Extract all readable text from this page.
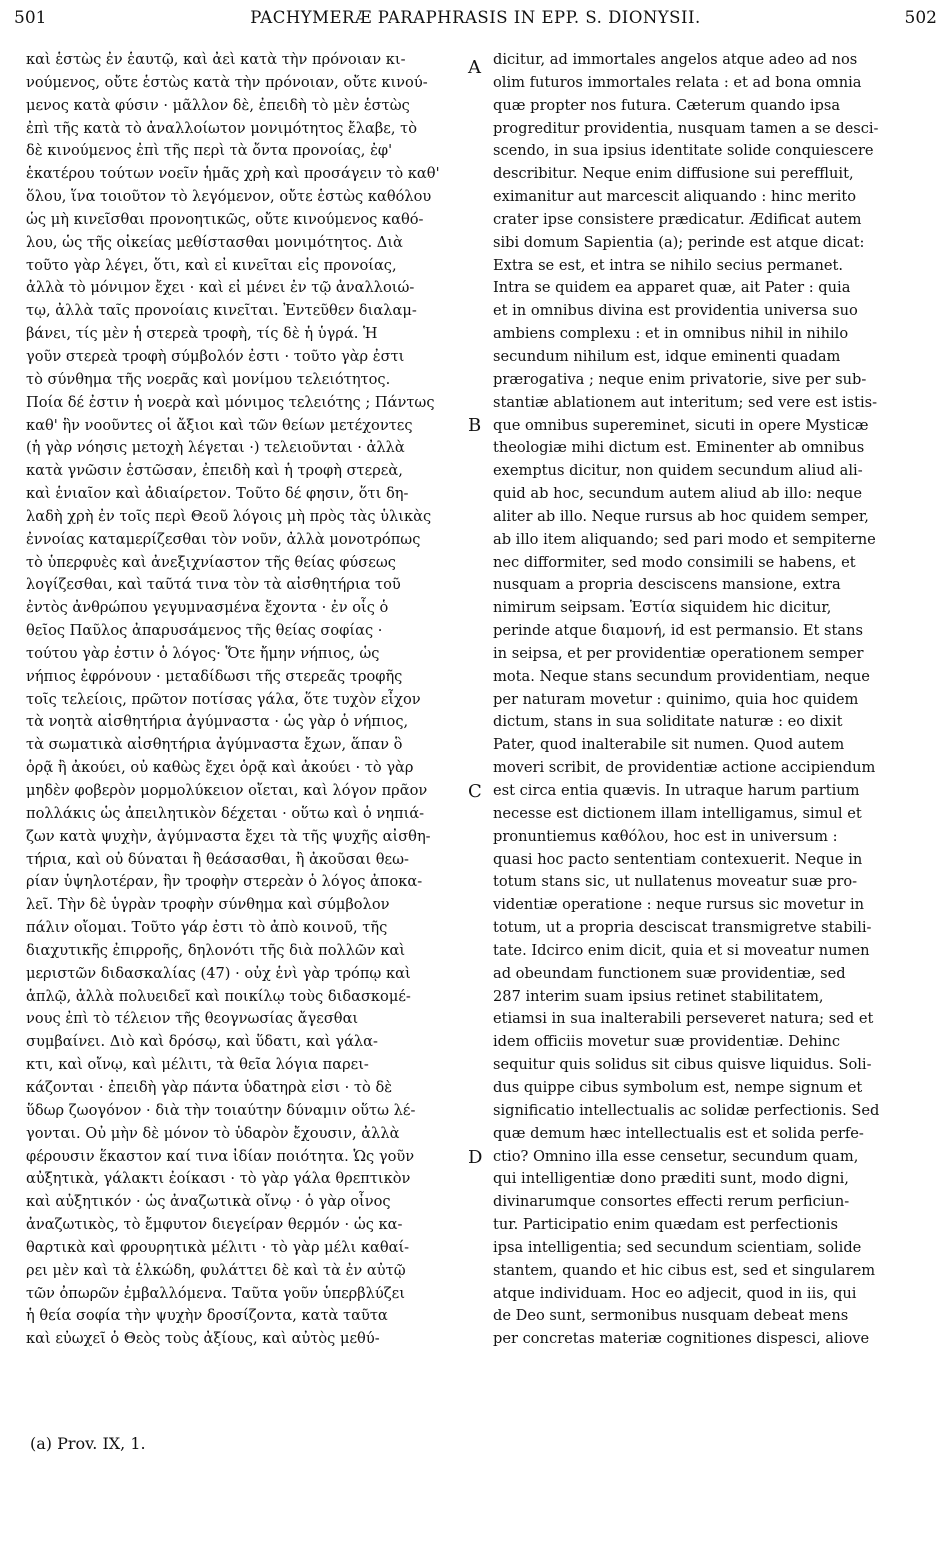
501	PACHYMERÆ PARAPHRASIS IN EPP. S. DIONYSII.	502
καὶ ἑστὼς ἐν ἑαυτῷ, καὶ ἀεὶ κατὰ τὴν πρόνοιαν κι-
νούμενος, οὔτε ἑστὼς κατὰ τὴν πρόνοιαν, οὔτε κινού-
μενος κατὰ φύσιν · μᾶλλον δὲ, ἐπειδὴ τὸ μὲν ἑστὼς
ἐπὶ τῆς κατὰ τὸ ἀναλλοίωτον μονιμότητος ἔλαβε, τὸ
δὲ κινούμενος ἐπὶ τῆς περὶ τὰ ὄντα προνοίας, ἐφ'
ἑκατέρου τούτων νοεῖν ἡμᾶς χρὴ καὶ προσάγειν τὸ καθ'
ὅλου, ἵνα τοιοῦτον τὸ λεγόμενον, οὔτε ἑστὼς καθόλου
ὡς μὴ κινεῖσθαι προνοητικῶς, οὔτε κινούμενος καθό-
λου, ὡς τῆς οἰκείας μεθίστασθαι μονιμότητος. Διὰ
τοῦτο γὰρ λέγει, ὅτι, καὶ εἰ κινεῖται εἰς προνοίας,
ἀλλὰ τὸ μόνιμον ἔχει · καὶ εἰ μένει ἐν τῷ ἀναλλοιώ-
τῳ, ἀλλὰ ταῖς προνοίαις κινεῖται. Ἐντεῦθεν διαλαμ-
βάνει, τίς μὲν ἡ στερεὰ τροφὴ, τίς δὲ ἡ ὑγρά. Ἡ
γοῦν στερεὰ τροφὴ σύμβολόν ἐστι · τοῦτο γὰρ ἐστι
τὸ σύνθημα τῆς νοερᾶς καὶ μονίμου τελειότητος.
Ποία δέ ἐστιν ἡ νοερὰ καὶ μόνιμος τελειότης ; Πάντως
καθ' ἣν νοοῦντες οἱ ἄξιοι καὶ τῶν θείων μετέχοντες
(ἡ γὰρ νόησις μετοχὴ λέγεται ·) τελειοῦνται · ἀλλὰ
κατὰ γνῶσιν ἑστῶσαν, ἐπειδὴ καὶ ἡ τροφὴ στερεὰ,
καὶ ἑνιαῖον καὶ ἀδιαίρετον. Τοῦτο δέ φησιν, ὅτι δη-
λαδὴ χρὴ ἐν τοῖς περὶ Θεοῦ λόγοις μὴ πρὸς τὰς ὑλικὰς
ἐννοίας καταμερίζεσθαι τὸν νοῦν, ἀλλὰ μονοτρόπως
τὸ ὑπερφυὲς καὶ ἀνεξιχνίαστον τῆς θείας φύσεως
λογίζεσθαι, καὶ ταῦτά τινα τὸν τὰ αἰσθητήρια τοῦ
ἐντὸς ἀνθρώπου γεγυμνασμένα ἔχοντα · ἐν οἷς ὁ
θεῖος Παῦλος ἀπαρυσάμενος τῆς θείας σοφίας ·
τούτου γὰρ ἐστιν ὁ λόγος· Ὅτε ἤμην νήπιος, ὡς
νήπιος ἐφρόνουν · μεταδίδωσι τῆς στερεᾶς τροφῆς
τοῖς τελείοις, πρῶτον ποτίσας γάλα, ὅτε τυχὸν εἶχον
τὰ νοητὰ αἰσθητήρια ἀγύμναστα · ὡς γὰρ ὁ νήπιος,
τὰ σωματικὰ αἰσθητήρια ἀγύμναστα ἔχων, ἅπαν ὃ
ὁρᾷ ἢ ἀκούει, οὐ καθὼς ἔχει ὁρᾷ καὶ ἀκούει · τὸ γὰρ
μηδὲν φοβερὸν μορμολύκειον οἴεται, καὶ λόγον πρᾶον
πολλάκις ὡς ἀπειλητικὸν δέχεται · οὕτω καὶ ὁ νηπιά-
ζων κατὰ ψυχὴν, ἀγύμναστα ἔχει τὰ τῆς ψυχῆς αἰσθη-
τήρια, καὶ οὐ δύναται ἢ θεάσασθαι, ἢ ἀκοῦσαι θεω-
ρίαν ὑψηλοτέραν, ἣν τροφὴν στερεὰν ὁ λόγος ἀποκα-
λεῖ. Τὴν δὲ ὑγρὰν τροφὴν σύνθημα καὶ σύμβολον
πάλιν οἴομαι. Τοῦτο γάρ ἐστι τὸ ἀπὸ κοινοῦ, τῆς
διαχυτικῆς ἐπιρροῆς, δηλονότι τῆς διὰ πολλῶν καὶ
μεριστῶν διδασκαλίας (47) · οὐχ ἑνὶ γὰρ τρόπῳ καὶ
ἁπλῷ, ἀλλὰ πολυειδεῖ καὶ ποικίλῳ τοὺς διδασκομέ-
νους ἐπὶ τὸ τέλειον τῆς θεογνωσίας ἄγεσθαι
συμβαίνει. Διὸ καὶ δρόσῳ, καὶ ὕδατι, καὶ γάλα-
κτι, καὶ οἴνῳ, καὶ μέλιτι, τὰ θεῖα λόγια παρει-
κάζονται · ἐπειδὴ γὰρ πάντα ὑδατηρὰ εἰσι · τὸ δὲ
ὕδωρ ζωογόνον · διὰ τὴν τοιαύτην δύναμιν οὕτω λέ-
γονται. Οὐ μὴν δὲ μόνον τὸ ὑδαρὸν ἔχουσιν, ἀλλὰ
φέρουσιν ἕκαστον καί τινα ἰδίαν ποιότητα. Ὡς γοῦν
αὐξητικὰ, γάλακτι ἐοίκασι · τὸ γὰρ γάλα θρεπτικὸν
καὶ αὐξητικόν · ὡς ἀναζωτικὰ οἴνῳ · ὁ γὰρ οἶνος
ἀναζωτικὸς, τὸ ἔμφυτον διεγείραν θερμόν · ὡς κα-
θαρτικὰ καὶ φρουρητικὰ μέλιτι · τὸ γὰρ μέλι καθαί-
ρει μὲν καὶ τὰ ἑλκώδη, φυλάττει δὲ καὶ τὰ ἐν αὐτῷ
τῶν ὀπωρῶν ἐμβαλλόμενα. Ταῦτα γοῦν ὑπερβλύζει
ἡ θεία σοφία τὴν ψυχὴν δροσίζοντα, κατὰ ταῦτα
καὶ εὐωχεῖ ὁ Θεὸς τοὺς ἀξίους, καὶ αὐτὸς μεθύ-
A
B
C
D
dicitur, ad immortales angelos atque adeo ad nos
olim futuros immortales relata : et ad bona omnia
quæ propter nos futura. Cæterum quando ipsa
progreditur providentia, nusquam tamen a se desci-
scendo, in sua ipsius identitate solide conquiescere
describitur. Neque enim diffusione sui pereffluit,
eximanitur aut marcescit aliquando : hinc merito
crater ipse consistere prædicatur. Ædificat autem
sibi domum Sapientia (a); perinde est atque dicat:
Extra se est, et intra se nihilo secius permanet.
Intra se quidem ea apparet quæ, ait Pater : quia
et in omnibus divina est providentia universa suo
ambiens complexu : et in omnibus nihil in nihilo
secundum nihilum est, idque eminenti quadam
prærogativa ; neque enim privatorie, sive per sub-
stantiæ ablationem aut interitum; sed vere est istis-
que omnibus supereminet, sicuti in opere Mysticæ
theologiæ mihi dictum est. Eminenter ab omnibus
exemptus dicitur, non quidem secundum aliud ali-
quid ab hoc, secundum autem aliud ab illo: neque
aliter ab illo. Neque rursus ab hoc quidem semper,
ab illo item aliquando; sed pari modo et sempiterne
nec difformiter, sed modo consimili se habens, et
nusquam a propria desciscens mansione, extra
nimirum seipsam. Ἑστία siquidem hic dicitur,
perinde atque διαμονή, id est permansio. Et stans
in seipsa, et per providentiæ operationem semper
mota. Neque stans secundum providentiam, neque
per naturam movetur : quinimo, quia hoc quidem
dictum, stans in sua soliditate naturæ : eo dixit
Pater, quod inalterabile sit numen. Quod autem
moveri scribit, de providentiæ actione accipiendum
est circa entia quævis. In utraque harum partium
necesse est dictionem illam intelligamus, simul et
pronuntiemus καθόλου, hoc est in universum :
quasi hoc pacto sententiam contexuerit. Neque in
totum stans sic, ut nullatenus moveatur suæ pro-
videntiæ operatione : neque rursus sic movetur in
totum, ut a propria desciscat transmigretve stabili-
tate. Idcirco enim dicit, quia et si moveatur numen
ad obeundam functionem suæ providentiæ, sed
287 interim suam ipsius retinet stabilitatem,
etiamsi in sua inalterabili perseveret natura; sed et
idem officiis movetur suæ providentiæ. Dehinc
sequitur quis solidus sit cibus quisve liquidus. Soli-
dus quippe cibus symbolum est, nempe signum et
significatio intellectualis ac solidæ perfectionis. Sed
quæ demum hæc intellectualis est et solida perfe-
ctio? Omnino illa esse censetur, secundum quam,
qui intelligentiæ dono præditi sunt, modo digni,
divinarumque consortes effecti rerum perficiun-
tur. Participatio enim quædam est perfectionis
ipsa intelligentia; sed secundum scientiam, solide
stantem, quando et hic cibus est, sed et singularem
atque individuam. Hoc eo adjecit, quod in iis, qui
de Deo sunt, sermonibus nusquam debeat mens
per concretas materiæ cognitiones dispesci, aliove
(a) Prov. IX, 1.
